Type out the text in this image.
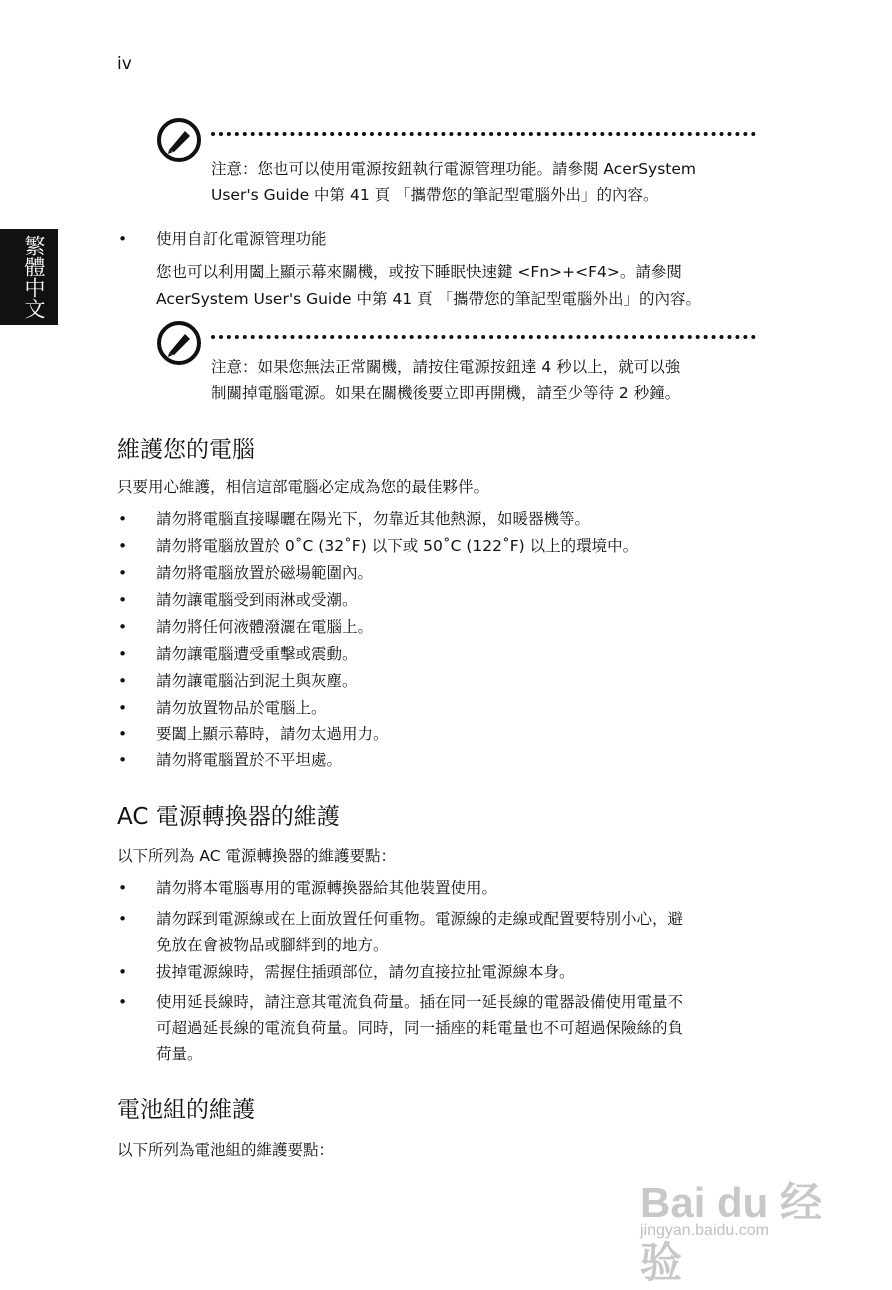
iv
繁體中文
注意：您也可以使用電源按鈕執行電源管理功能。請參閱 AcerSystem
User's Guide 中第 41 頁 「攜帶您的筆記型電腦外出」的內容。
• 使用自訂化電源管理功能
您也可以利用闔上顯示幕來關機，或按下睡眠快速鍵 <Fn>+<F4>。請參閱
AcerSystem User's Guide 中第 41 頁 「攜帶您的筆記型電腦外出」的內容。
注意：如果您無法正常關機，請按住電源按鈕達 4 秒以上，就可以強
制關掉電腦電源。如果在關機後要立即再開機，請至少等待 2 秒鐘。
維護您的電腦
只要用心維護，相信這部電腦必定成為您的最佳夥伴。
• 請勿將電腦直接曝曬在陽光下，勿靠近其他熱源，如暖器機等。
• 請勿將電腦放置於 0˚C (32˚F) 以下或 50˚C (122˚F) 以上的環境中。
• 請勿將電腦放置於磁場範圍內。
• 請勿讓電腦受到雨淋或受潮。
• 請勿將任何液體潑灑在電腦上。
• 請勿讓電腦遭受重擊或震動。
• 請勿讓電腦沾到泥土與灰塵。
• 請勿放置物品於電腦上。
• 要闔上顯示幕時，請勿太過用力。
• 請勿將電腦置於不平坦處。
AC 電源轉換器的維護
以下所列為 AC 電源轉換器的維護要點：
• 請勿將本電腦專用的電源轉換器給其他裝置使用。
• 請勿踩到電源線或在上面放置任何重物。電源線的走線或配置要特別小心，避
免放在會被物品或腳絆到的地方。
• 拔掉電源線時，需握住插頭部位，請勿直接拉扯電源線本身。
• 使用延長線時，請注意其電流負荷量。插在同一延長線的電器設備使用電量不
可超過延長線的電流負荷量。同時，同一插座的耗電量也不可超過保險絲的負
荷量。
電池組的維護
以下所列為電池組的維護要點：
Bai du 经验
jingyan.baidu.com
